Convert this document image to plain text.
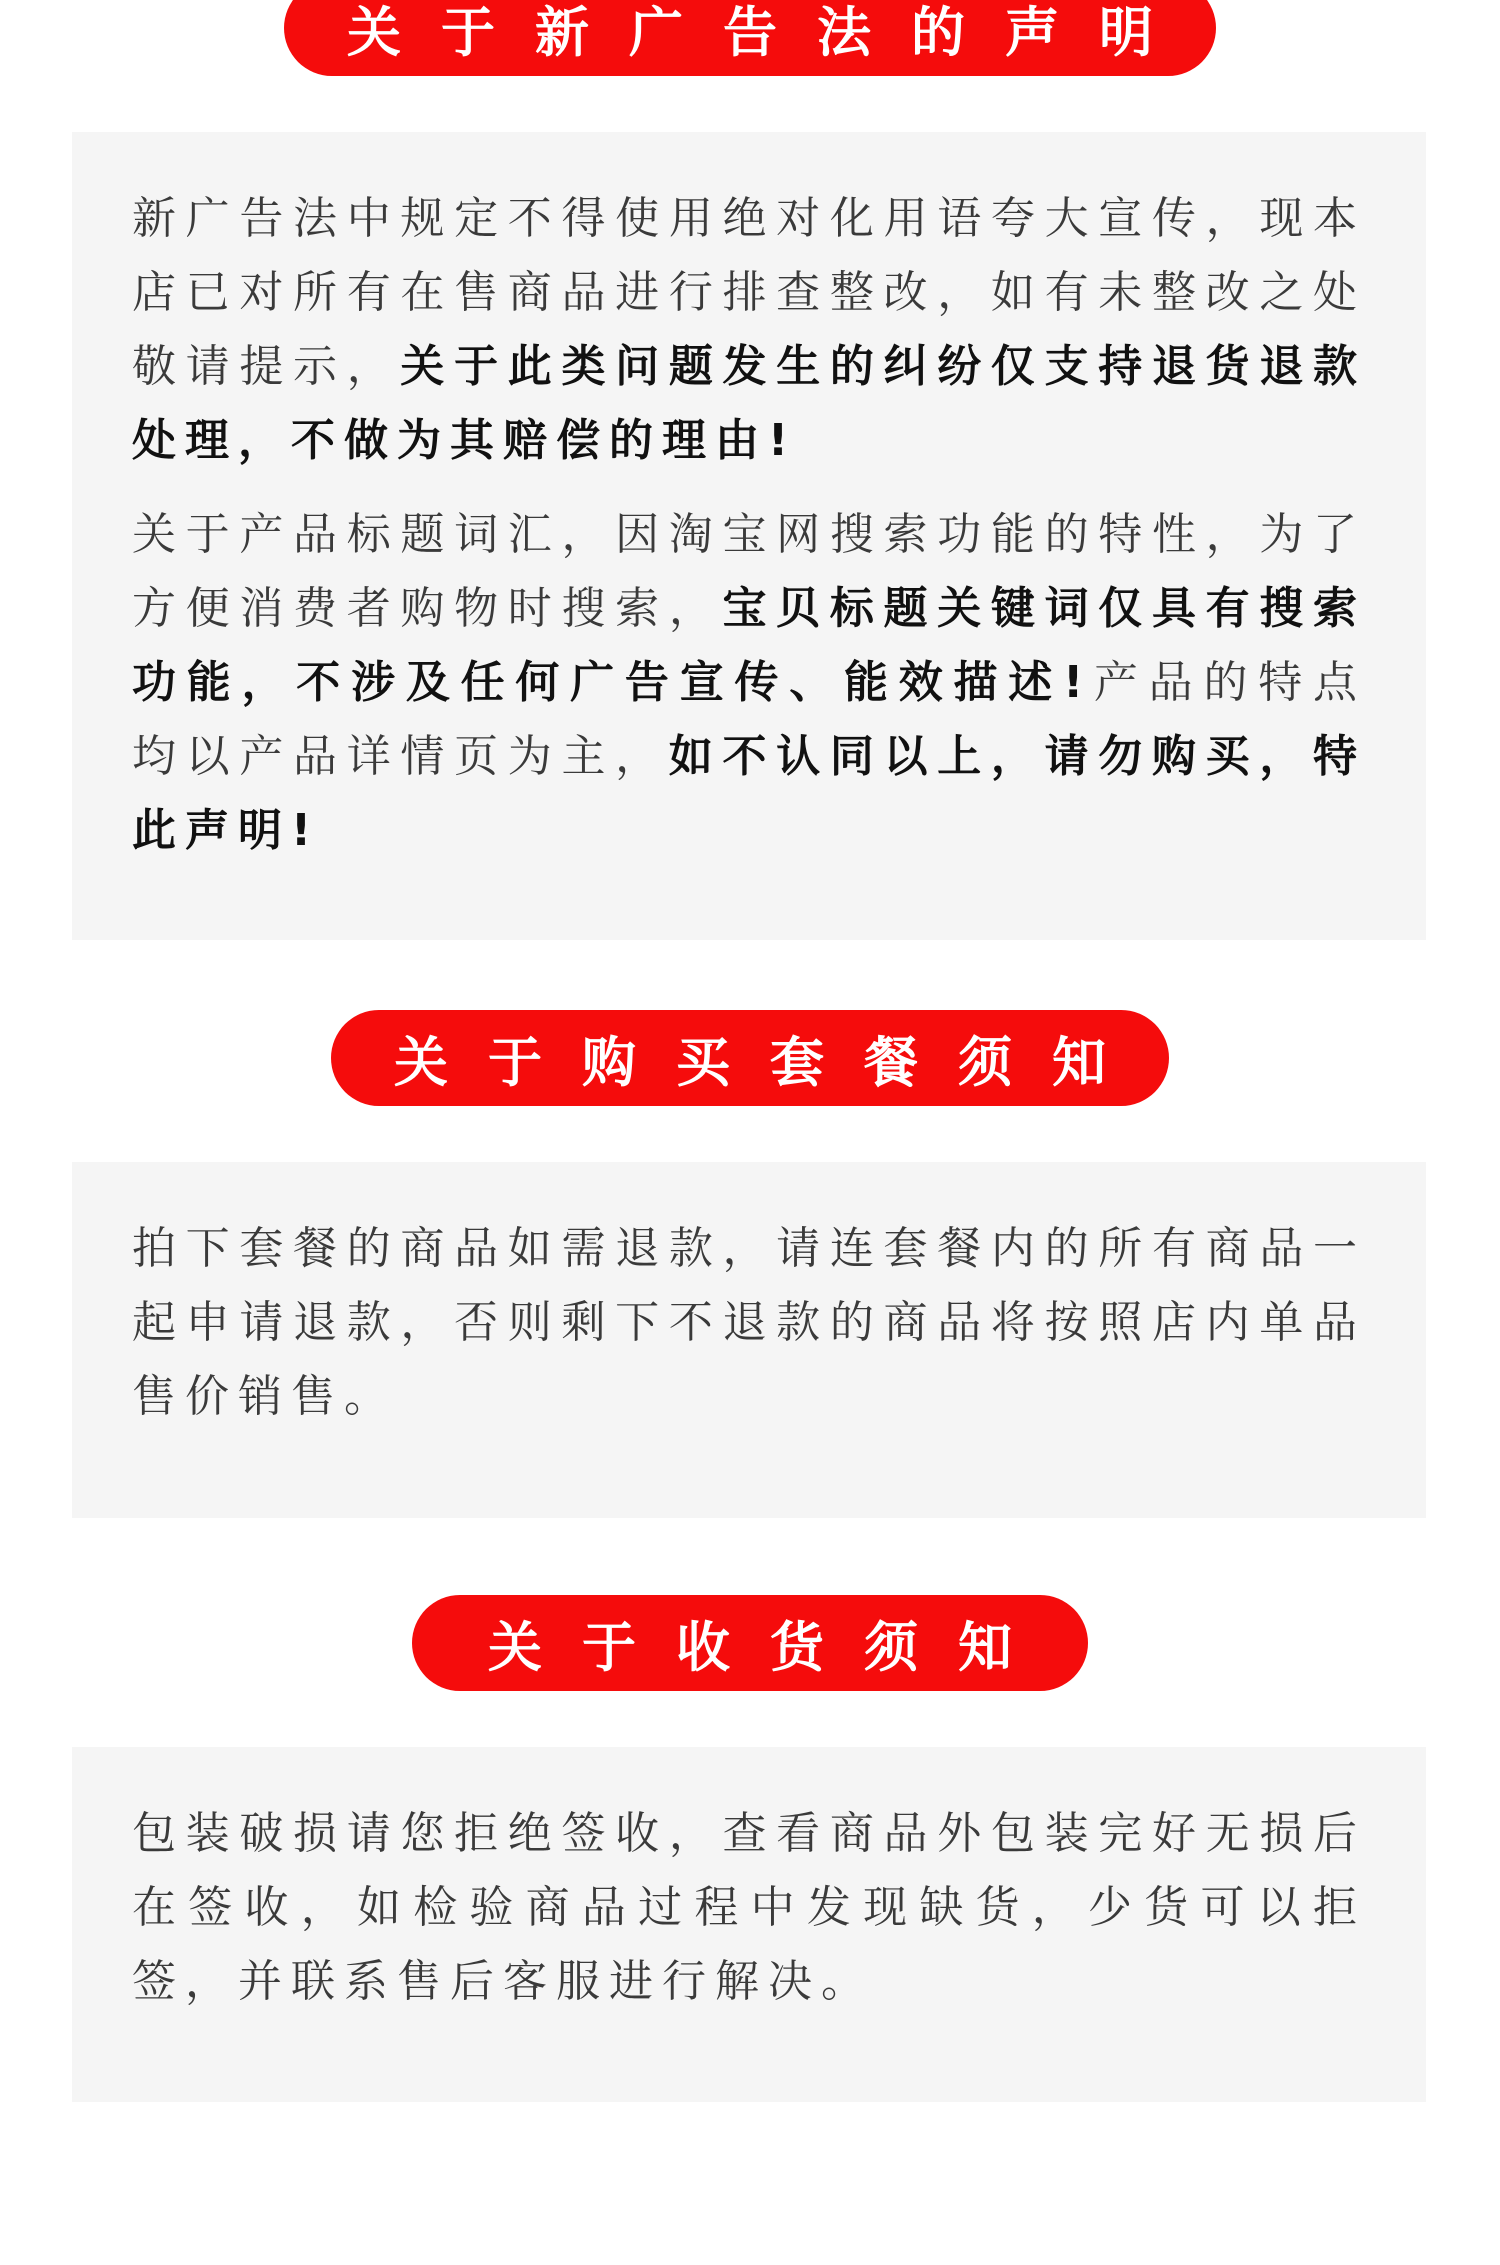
关于新广告法的声明

新广告法中规定不得使用绝对化用语夸大宣传，现本店已对所有在售商品进行排查整改，如有未整改之处敬请提示，关于此类问题发生的纠纷仅支持退货退款处理，不做为其赔偿的理由!

关于产品标题词汇，因淘宝网搜索功能的特性，为了方便消费者购物时搜索，宝贝标题关键词仅具有搜索功能，不涉及任何广告宣传、能效描述!产品的特点均以产品详情页为主，如不认同以上，请勿购买，特此声明!

关于购买套餐须知

拍下套餐的商品如需退款，请连套餐内的所有商品一起申请退款，否则剩下不退款的商品将按照店内单品售价销售。

关于收货须知

包装破损请您拒绝签收，查看商品外包装完好无损后在签收，如检验商品过程中发现缺货，少货可以拒签，并联系售后客服进行解决。
